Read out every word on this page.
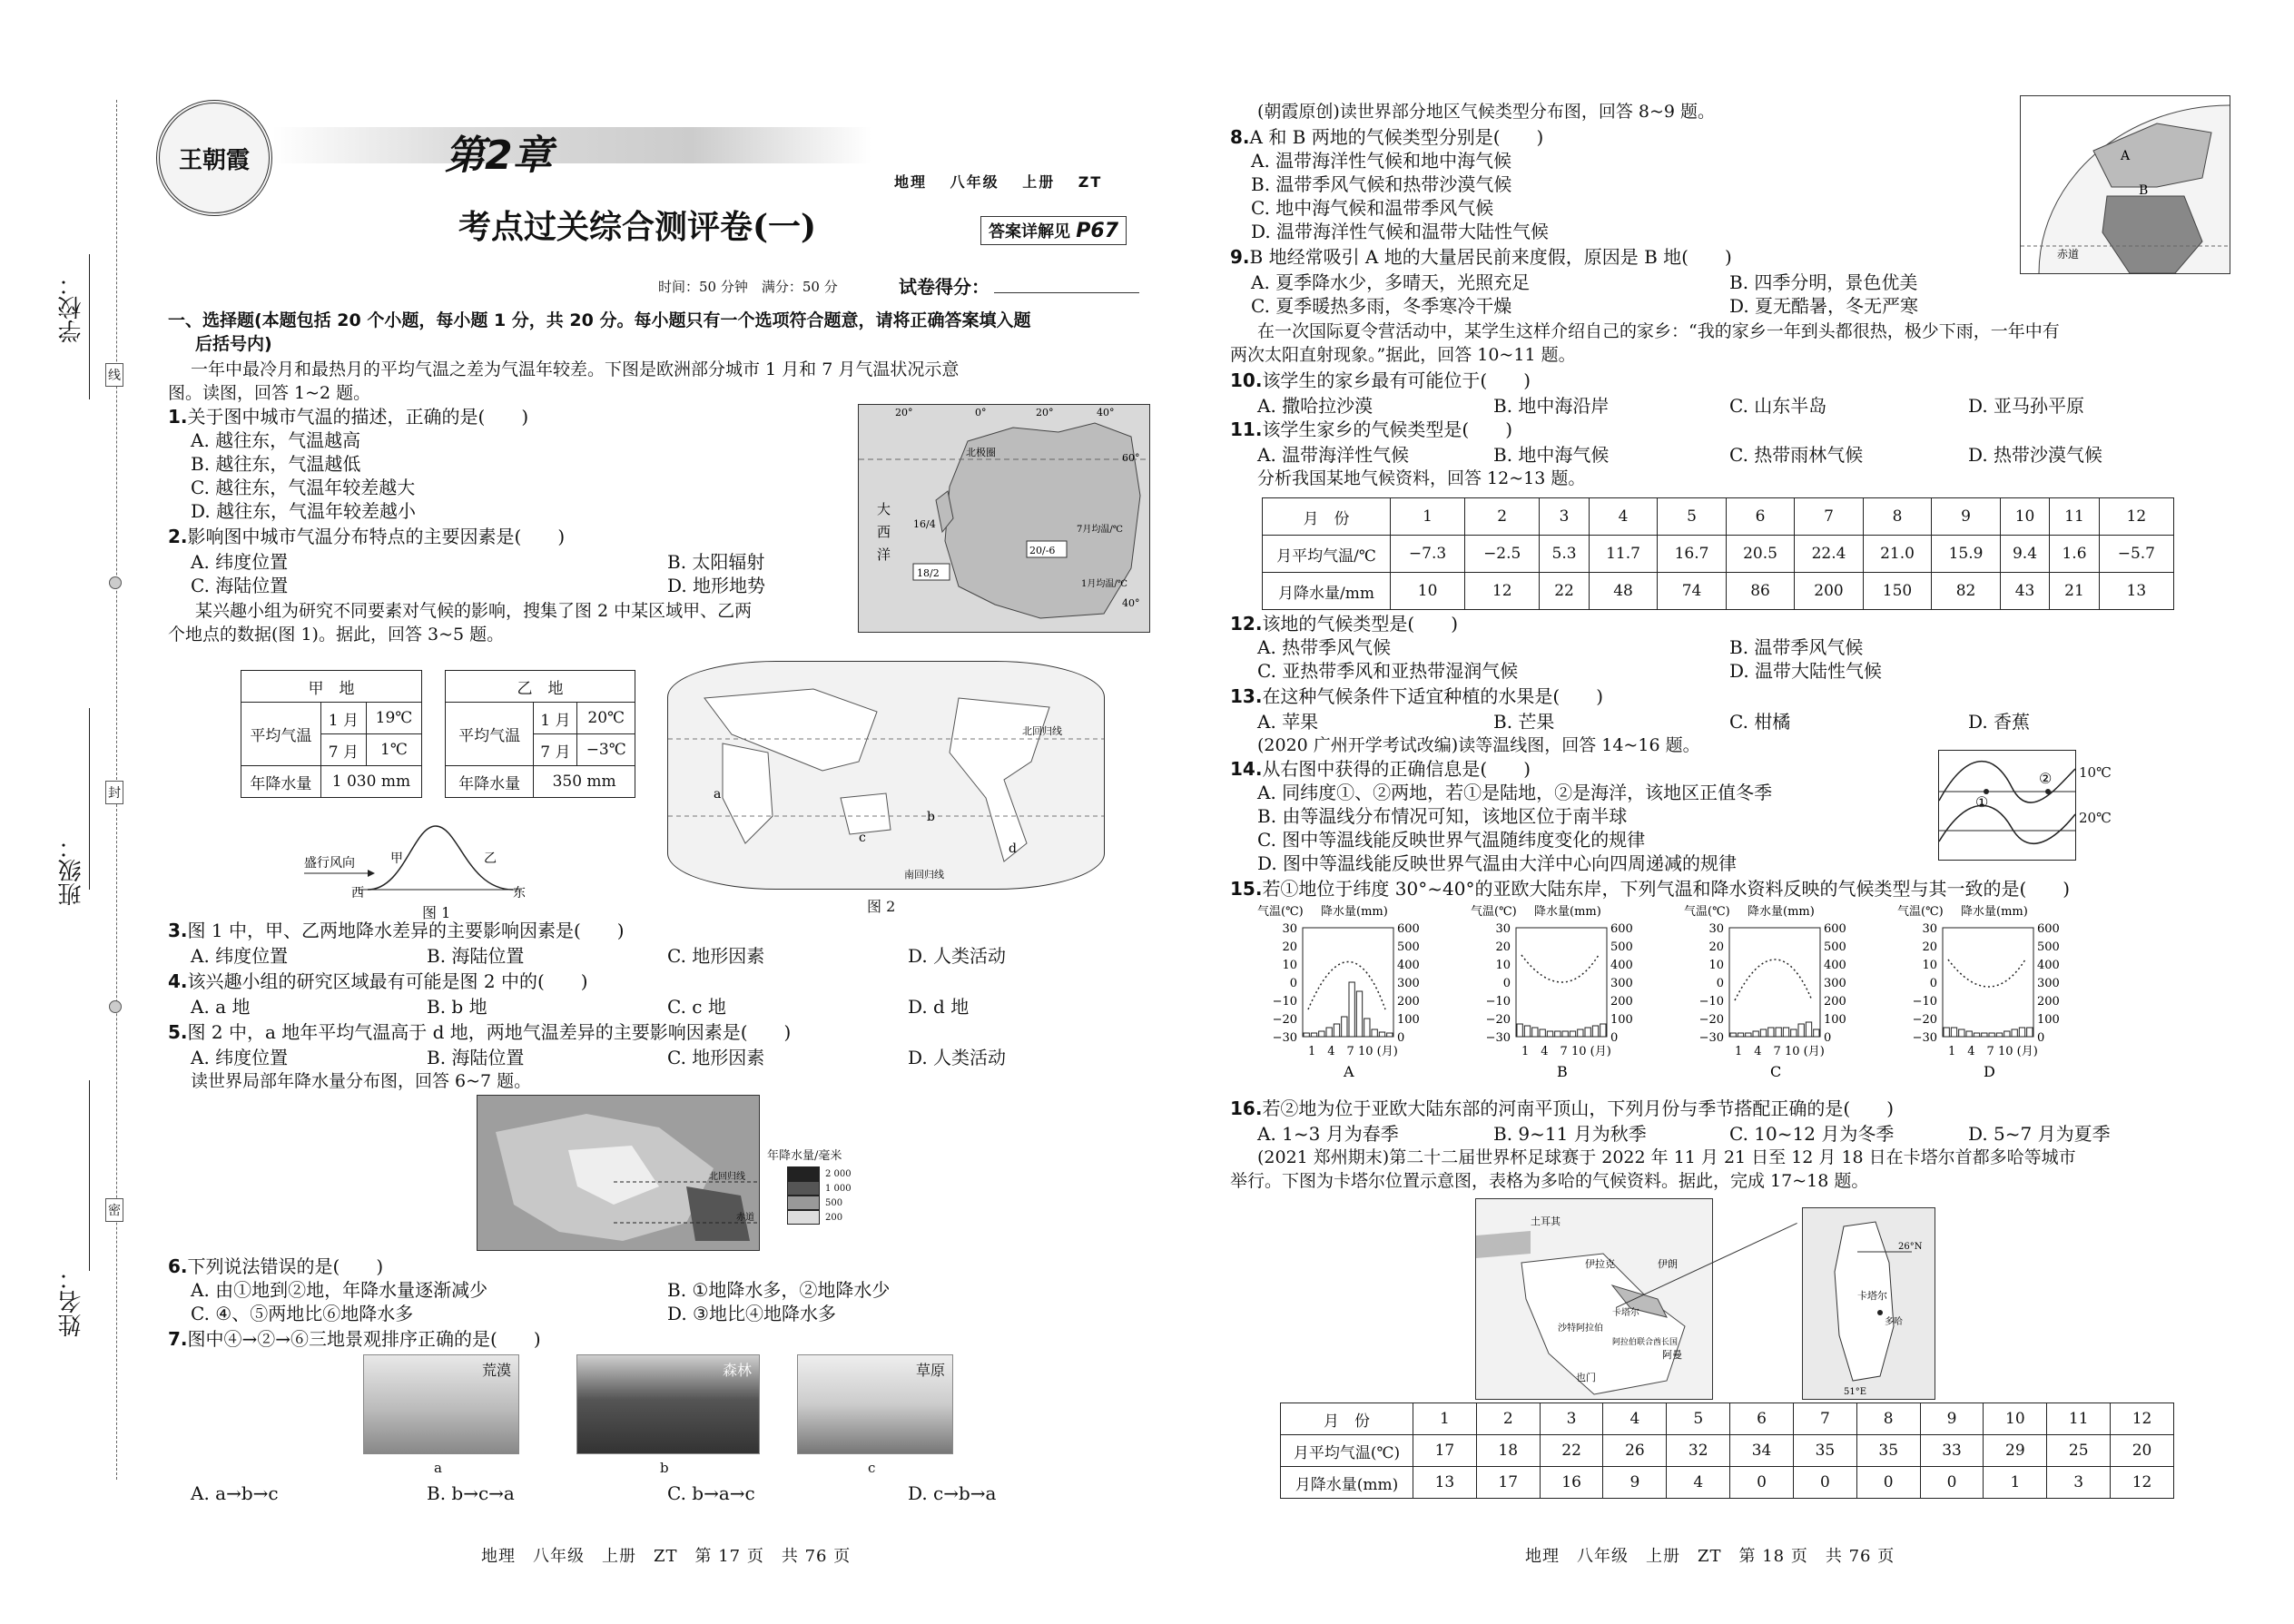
学校：
班级：
姓名：
线
封
密
王朝霞	第2章
地理　 八年级　 上册　 ZT
考点过关综合测评卷(一)	答案详解见 P67
时间：50 分钟　满分：50 分	试卷得分：
一、选择题(本题包括 20 个小题，每小题 1 分，共 20 分。每小题只有一个选项符合题意，请将正确答案填入题
后括号内)
一年中最冷月和最热月的平均气温之差为气温年较差。下图是欧洲部分城市 1 月和 7 月气温状况示意
图。读图，回答 1~2 题。
1.关于图中城市气温的描述，正确的是(　　)
A. 越往东，气温越高
B. 越往东，气温越低
C. 越往东，气温年较差越大
D. 越往东，气温年较差越小
2.影响图中城市气温分布特点的主要因素是(　　)
A. 纬度位置	B. 太阳辐射
C. 海陆位置	D. 地形地势
某兴趣小组为研究不同要素对气候的影响，搜集了图 2 中某区域甲、乙两
个地点的数据(图 1)。据此，回答 3~5 题。
20°	0°	20°	40°
60°
40°
北极圈
大
西
洋
18/2
20/-6
16/4	7月均温/℃
1月均温/℃
甲　地		
平均气温	1 月	19℃
	7 月	1℃
年降水量	1 030 mm	
乙　地		
平均气温	1 月	20℃
	7 月	−3℃
年降水量	350 mm	
盛行风向	甲	乙
西	东
图 1
北回归线
南回归线
a
b
c
d
图 2
3.图 1 中，甲、乙两地降水差异的主要影响因素是(　　)
A. 纬度位置	B. 海陆位置	C. 地形因素	D. 人类活动
4.该兴趣小组的研究区域最有可能是图 2 中的(　　)
A. a 地	B. b 地	C. c 地	D. d 地
5.图 2 中，a 地年平均气温高于 d 地，两地气温差异的主要影响因素是(　　)
A. 纬度位置	B. 海陆位置	C. 地形因素	D. 人类活动
读世界局部年降水量分布图，回答 6~7 题。
北回归线
赤道
年降水量/毫米
2 000
1 000
500
200
6.下列说法错误的是(　　)
A. 由①地到②地，年降水量逐渐减少	B. ①地降水多，②地降水少
C. ④、⑤两地比⑥地降水多	D. ③地比④地降水多
7.图中④→②→⑥三地景观排序正确的是(　　)
荒漠
a
森林
b
草原
c
A. a→b→c	B. b→c→a	C. b→a→c	D. c→b→a
地理　八年级　上册　ZT　第 17 页　共 76 页
(朝霞原创)读世界部分地区气候类型分布图，回答 8~9 题。
A
B
赤道
8.A 和 B 两地的气候类型分别是(　　)
A. 温带海洋性气候和地中海气候
B. 温带季风气候和热带沙漠气候
C. 地中海气候和温带季风气候
D. 温带海洋性气候和温带大陆性气候
9.B 地经常吸引 A 地的大量居民前来度假，原因是 B 地(　　)
A. 夏季降水少，多晴天，光照充足	B. 四季分明，景色优美
C. 夏季暖热多雨，冬季寒冷干燥	D. 夏无酷暑，冬无严寒
在一次国际夏令营活动中，某学生这样介绍自己的家乡：“我的家乡一年到头都很热，极少下雨，一年中有
两次太阳直射现象。”据此，回答 10~11 题。
10.该学生的家乡最有可能位于(　　)
A. 撒哈拉沙漠	B. 地中海沿岸	C. 山东半岛	D. 亚马孙平原
11.该学生家乡的气候类型是(　　)
A. 温带海洋性气候	B. 地中海气候	C. 热带雨林气候	D. 热带沙漠气候
分析我国某地气候资料，回答 12~13 题。
月　份	1	2	3	4	5	6	7	8	9	10	11	12
月平均气温/℃	−7.3	−2.5	5.3	11.7	16.7	20.5	22.4	21.0	15.9	9.4	1.6	−5.7
月降水量/mm	10	12	22	48	74	86	200	150	82	43	21	13
12.该地的气候类型是(　　)
A. 热带季风气候	B. 温带季风气候
C. 亚热带季风和亚热带湿润气候	D. 温带大陆性气候
13.在这种气候条件下适宜种植的水果是(　　)
A. 苹果	B. 芒果	C. 柑橘	D. 香蕉
(2020 广州开学考试改编)读等温线图，回答 14~16 题。
①
② 10℃
20℃
14.从右图中获得的正确信息是(　　)
A. 同纬度①、②两地，若①是陆地，②是海洋，该地区正值冬季
B. 由等温线分布情况可知，该地区位于南半球
C. 图中等温线能反映世界气温随纬度变化的规律
D. 图中等温线能反映世界气温由大洋中心向四周递减的规律
15.若①地位于纬度 30°~40°的亚欧大陆东岸，下列气温和降水资料反映的气候类型与其一致的是(　　)
气温(℃) 降水量(mm)
30	600
20	500
10	400
0	300
−10	200
−20	100
−30	0
1　4　7 10 (月)
A
气温(℃) 降水量(mm)
30	600
20	500
10	400
0	300
−10	200
−20	100
−30	0
1　4　7 10 (月)
B
气温(℃) 降水量(mm)
30	600
20	500
10	400
0	300
−10	200
−20	100
−30	0
1　4　7 10 (月)
C
气温(℃) 降水量(mm)
30	600
20	500
10	400
0	300
−10	200
−20	100
−30	0
1　4　7 10 (月)
D
16.若②地为位于亚欧大陆东部的河南平顶山，下列月份与季节搭配正确的是(　　)
A. 1~3 月为春季	B. 9~11 月为秋季	C. 10~12 月为冬季	D. 5~7 月为夏季
(2021 郑州期末)第二十二届世界杯足球赛于 2022 年 11 月 21 日至 12 月 18 日在卡塔尔首都多哈等城市
举行。下图为卡塔尔位置示意图，表格为多哈的气候资料。据此，完成 17~18 题。
土耳其
伊朗
伊拉克
沙特阿拉伯
卡塔尔
阿拉伯联合酋长国
阿曼
也门
卡塔尔
多哈
26°N
51°E
月　份	1	2	3	4	5	6	7	8	9	10	11	12
月平均气温(℃)	17	18	22	26	32	34	35	35	33	29	25	20
月降水量(mm)	13	17	16	9	4	0	0	0	0	1	3	12
地理　八年级　上册　ZT　第 18 页　共 76 页
